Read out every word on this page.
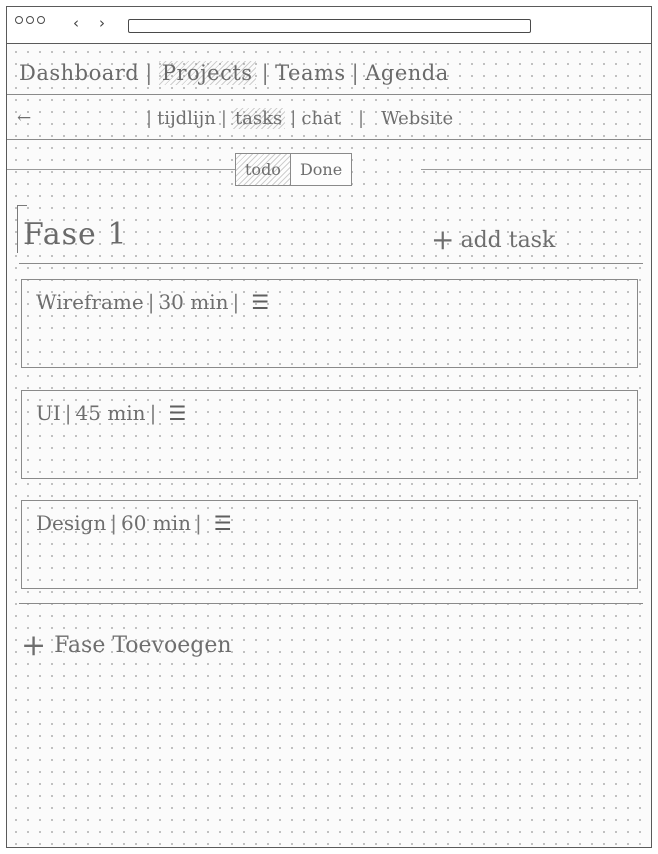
‹ ›
Dashboard | Projects | Teams | Agenda
←	| tijdlijn | tasks | chat | Website
todo	Done
Fase 1	+ add task
Wireframe | 30 min | ☰
UI | 45 min | ☰
Design | 60 min | ☰
+ Fase Toevoegen
